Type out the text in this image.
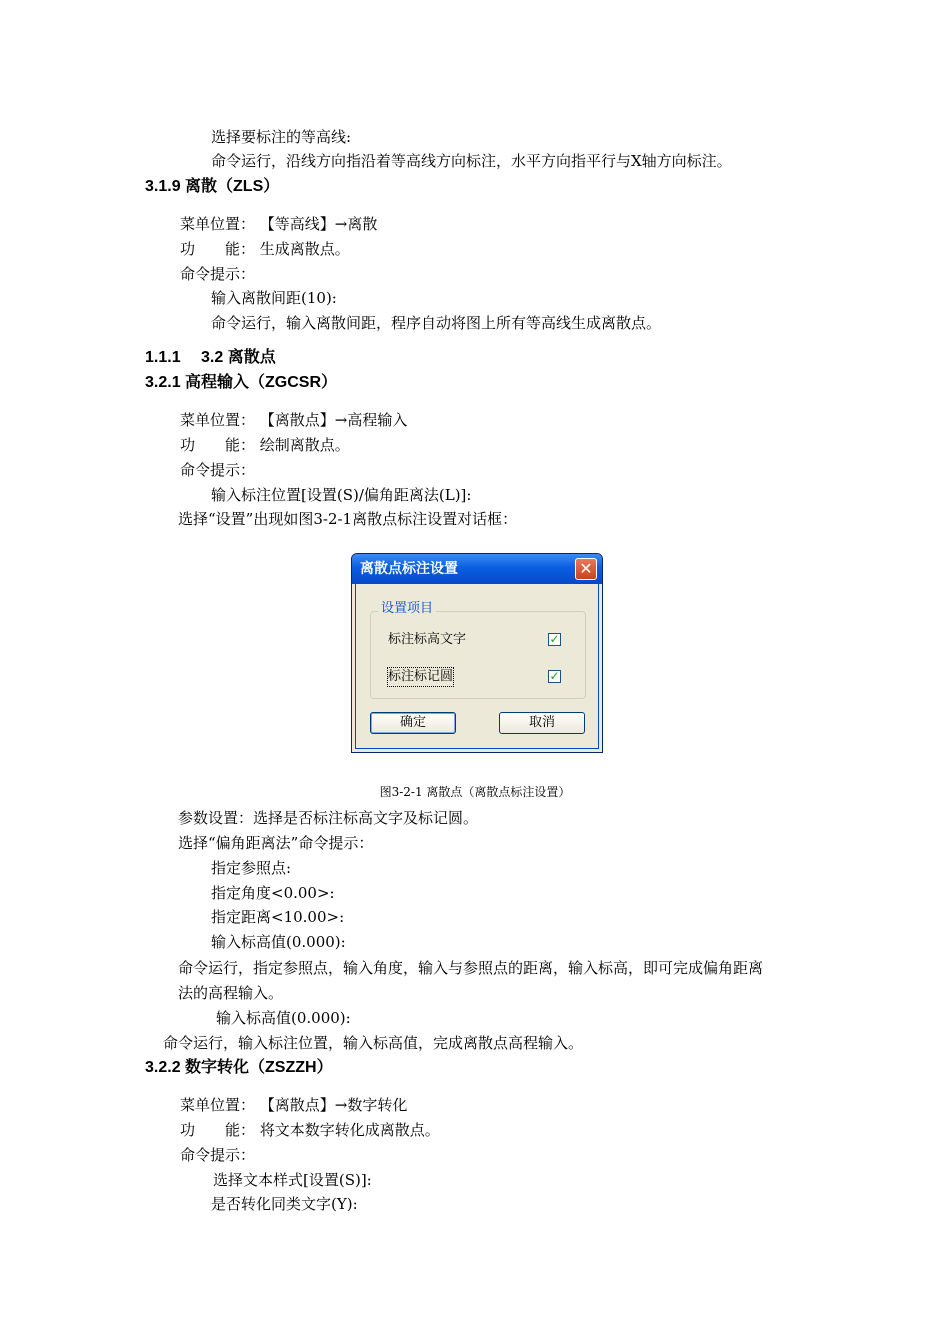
选择要标注的等高线:
命令运行，沿线方向指沿着等高线方向标注，水平方向指平行与X轴方向标注。
3.1.9 离散（ZLS）
菜单位置： 【等高线】→离散
功　　能： 生成离散点。
命令提示：
输入离散间距(10):
命令运行，输入离散间距，程序自动将图上所有等高线生成离散点。
1.1.1　 3.2 离散点
3.2.1 高程输入（ZGCSR）
菜单位置： 【离散点】→高程输入
功　　能： 绘制离散点。
命令提示：
输入标注位置[设置(S)/偏角距离法(L)]:
选择“设置”出现如图3-2-1离散点标注设置对话框：
参数设置：选择是否标注标高文字及标记圆。
选择“偏角距离法”命令提示：
指定参照点:
指定角度<0.00>:
指定距离<10.00>:
输入标高值(0.000):
命令运行，指定参照点，输入角度，输入与参照点的距离，输入标高，即可完成偏角距离
法的高程输入。
输入标高值(0.000):
命令运行，输入标注位置，输入标高值，完成离散点高程输入。
3.2.2 数字转化（ZSZZH）
菜单位置： 【离散点】→数字转化
功　　能： 将文本数字转化成离散点。
命令提示：
选择文本样式[设置(S)]:
是否转化同类文字(Y):
离散点标注设置	✕
设置项目
标注标高文字	✓
标注标记圆	✓
确定	取消
图3-2-1 离散点（离散点标注设置）
